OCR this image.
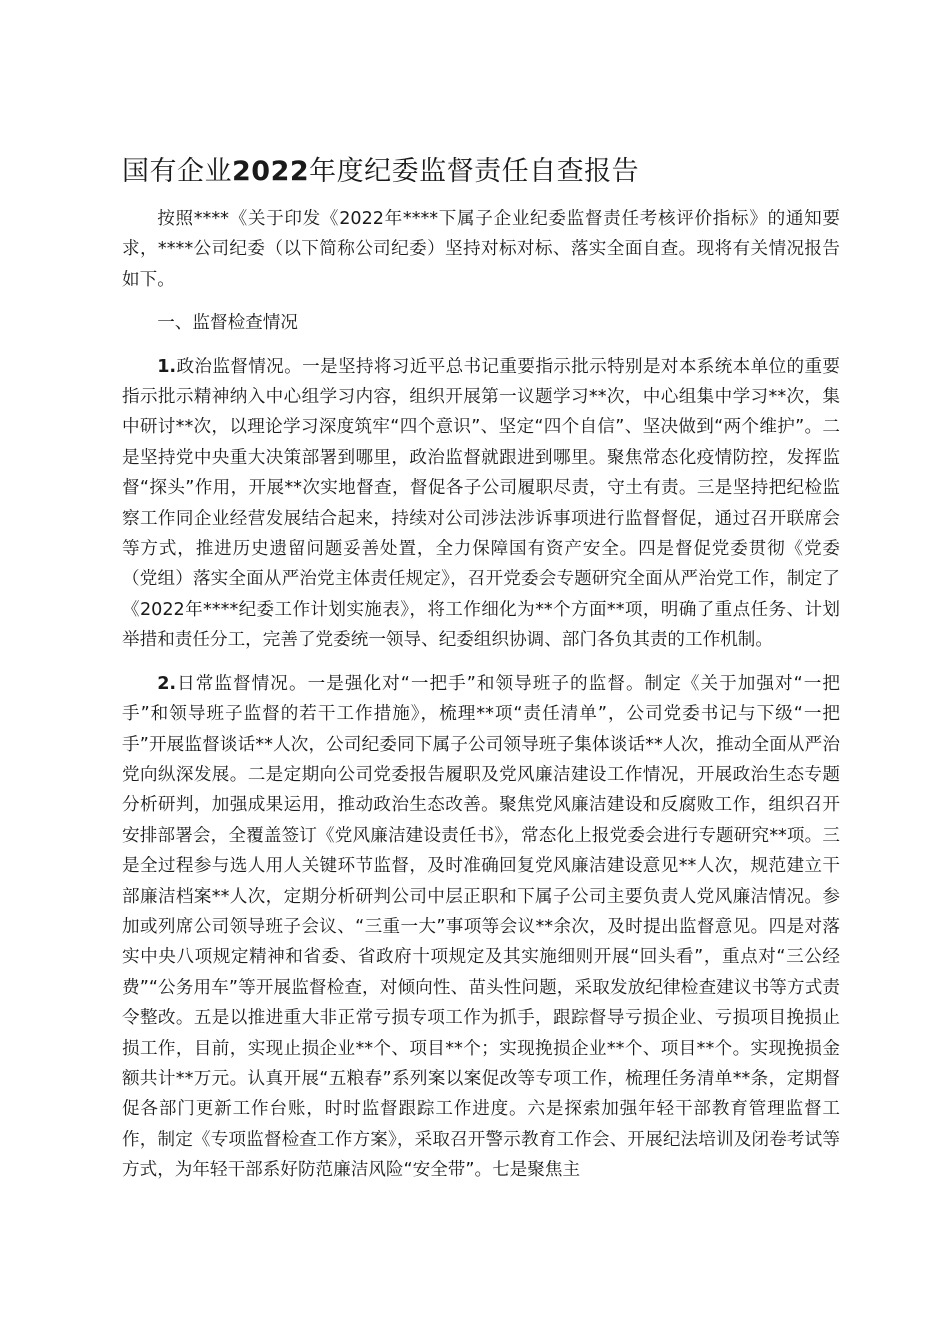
国有企业2022年度纪委监督责任自查报告

按照****《关于印发《2022年****下属子企业纪委监督责任考核评价指标》的通知要求，****公司纪委（以下简称公司纪委）坚持对标对标、落实全面自查。现将有关情况报告如下。

一、监督检查情况

1.政治监督情况。一是坚持将习近平总书记重要指示批示特别是对本系统本单位的重要指示批示精神纳入中心组学习内容，组织开展第一议题学习**次，中心组集中学习**次，集中研讨**次，以理论学习深度筑牢“四个意识”、坚定“四个自信”、坚决做到“两个维护”。二是坚持党中央重大决策部署到哪里，政治监督就跟进到哪里。聚焦常态化疫情防控，发挥监督“探头”作用，开展**次实地督查，督促各子公司履职尽责，守土有责。三是坚持把纪检监察工作同企业经营发展结合起来，持续对公司涉法涉诉事项进行监督督促，通过召开联席会等方式，推进历史遗留问题妥善处置，全力保障国有资产安全。四是督促党委贯彻《党委（党组）落实全面从严治党主体责任规定》，召开党委会专题研究全面从严治党工作，制定了《2022年****纪委工作计划实施表》，将工作细化为**个方面**项，明确了重点任务、计划举措和责任分工，完善了党委统一领导、纪委组织协调、部门各负其责的工作机制。

2.日常监督情况。一是强化对“一把手”和领导班子的监督。制定《关于加强对“一把手”和领导班子监督的若干工作措施》，梳理**项“责任清单”，公司党委书记与下级“一把手”开展监督谈话**人次，公司纪委同下属子公司领导班子集体谈话**人次，推动全面从严治党向纵深发展。二是定期向公司党委报告履职及党风廉洁建设工作情况，开展政治生态专题分析研判，加强成果运用，推动政治生态改善。聚焦党风廉洁建设和反腐败工作，组织召开安排部署会，全覆盖签订《党风廉洁建设责任书》，常态化上报党委会进行专题研究**项。三是全过程参与选人用人关键环节监督，及时准确回复党风廉洁建设意见**人次，规范建立干部廉洁档案**人次，定期分析研判公司中层正职和下属子公司主要负责人党风廉洁情况。参加或列席公司领导班子会议、“三重一大”事项等会议**余次，及时提出监督意见。四是对落实中央八项规定精神和省委、省政府十项规定及其实施细则开展“回头看”，重点对“三公经费”“公务用车”等开展监督检查，对倾向性、苗头性问题，采取发放纪律检查建议书等方式责令整改。五是以推进重大非正常亏损专项工作为抓手，跟踪督导亏损企业、亏损项目挽损止损工作，目前，实现止损企业**个、项目**个；实现挽损企业**个、项目**个。实现挽损金额共计**万元。认真开展“五粮春”系列案以案促改等专项工作，梳理任务清单**条，定期督促各部门更新工作台账，时时监督跟踪工作进度。六是探索加强年轻干部教育管理监督工作，制定《专项监督检查工作方案》，采取召开警示教育工作会、开展纪法培训及闭卷考试等方式，为年轻干部系好防范廉洁风险“安全带”。七是聚焦主
